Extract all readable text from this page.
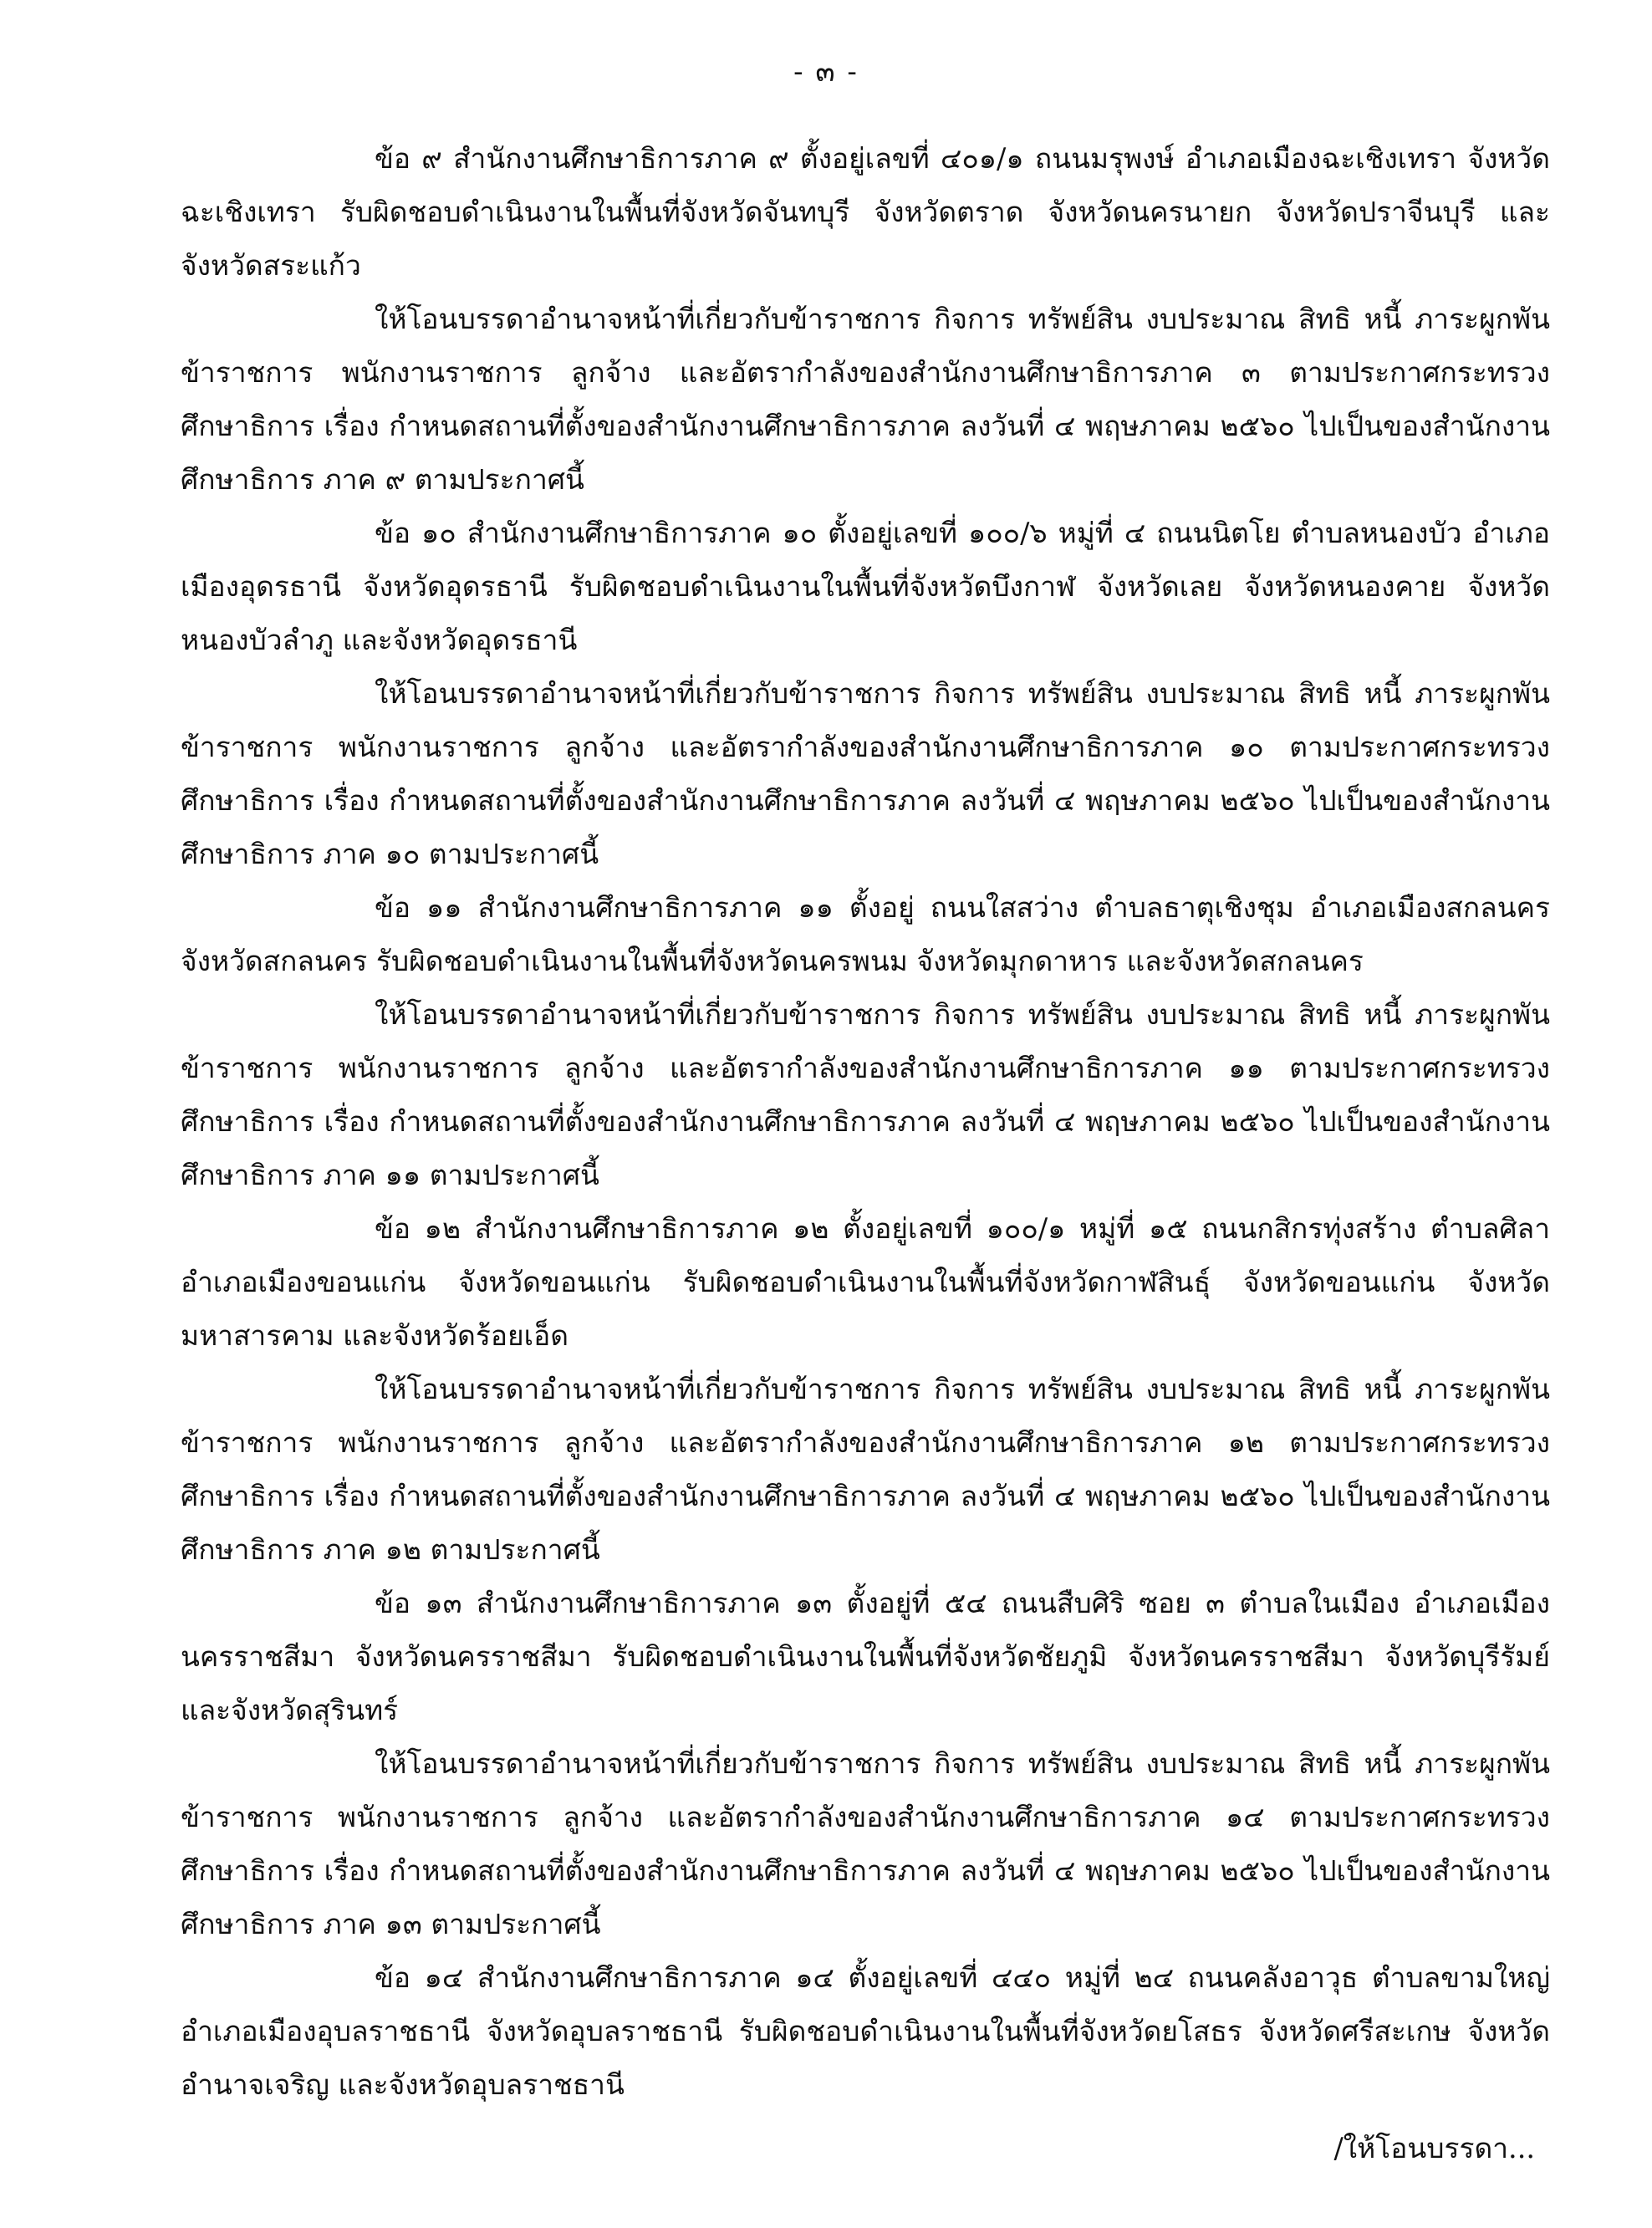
- ๓ -
ข้อ ๙ สำนักงานศึกษาธิการภาค ๙ ตั้งอยู่เลขที่ ๔๐๑/๑ ถนนมรุพงษ์ อำเภอเมืองฉะเชิงเทรา จังหวัดฉะเชิงเทรา รับผิดชอบดำเนินงานในพื้นที่จังหวัดจันทบุรี จังหวัดตราด จังหวัดนครนายก จังหวัดปราจีนบุรี และจังหวัดสระแก้ว
ให้โอนบรรดาอำนาจหน้าที่เกี่ยวกับข้าราชการ กิจการ ทรัพย์สิน งบประมาณ สิทธิ หนี้ ภาระผูกพัน ข้าราชการ พนักงานราชการ ลูกจ้าง และอัตรากำลังของสำนักงานศึกษาธิการภาค ๓ ตามประกาศกระทรวงศึกษาธิการ เรื่อง กำหนดสถานที่ตั้งของสำนักงานศึกษาธิการภาค ลงวันที่ ๔ พฤษภาคม ๒๕๖๐ ไปเป็นของสำนักงานศึกษาธิการ ภาค ๙ ตามประกาศนี้
ข้อ ๑๐ สำนักงานศึกษาธิการภาค ๑๐ ตั้งอยู่เลขที่ ๑๐๐/๖ หมู่ที่ ๔ ถนนนิตโย ตำบลหนองบัว อำเภอเมืองอุดรธานี จังหวัดอุดรธานี รับผิดชอบดำเนินงานในพื้นที่จังหวัดบึงกาฬ จังหวัดเลย จังหวัดหนองคาย จังหวัดหนองบัวลำภู และจังหวัดอุดรธานี
ให้โอนบรรดาอำนาจหน้าที่เกี่ยวกับข้าราชการ กิจการ ทรัพย์สิน งบประมาณ สิทธิ หนี้ ภาระผูกพัน ข้าราชการ พนักงานราชการ ลูกจ้าง และอัตรากำลังของสำนักงานศึกษาธิการภาค ๑๐ ตามประกาศกระทรวงศึกษาธิการ เรื่อง กำหนดสถานที่ตั้งของสำนักงานศึกษาธิการภาค ลงวันที่ ๔ พฤษภาคม ๒๕๖๐ ไปเป็นของสำนักงานศึกษาธิการ ภาค ๑๐ ตามประกาศนี้
ข้อ ๑๑ สำนักงานศึกษาธิการภาค ๑๑ ตั้งอยู่ ถนนใสสว่าง ตำบลธาตุเชิงชุม อำเภอเมืองสกลนคร จังหวัดสกลนคร รับผิดชอบดำเนินงานในพื้นที่จังหวัดนครพนม จังหวัดมุกดาหาร และจังหวัดสกลนคร
ให้โอนบรรดาอำนาจหน้าที่เกี่ยวกับข้าราชการ กิจการ ทรัพย์สิน งบประมาณ สิทธิ หนี้ ภาระผูกพัน ข้าราชการ พนักงานราชการ ลูกจ้าง และอัตรากำลังของสำนักงานศึกษาธิการภาค ๑๑ ตามประกาศกระทรวงศึกษาธิการ เรื่อง กำหนดสถานที่ตั้งของสำนักงานศึกษาธิการภาค ลงวันที่ ๔ พฤษภาคม ๒๕๖๐ ไปเป็นของสำนักงานศึกษาธิการ ภาค ๑๑ ตามประกาศนี้
ข้อ ๑๒ สำนักงานศึกษาธิการภาค ๑๒ ตั้งอยู่เลขที่ ๑๐๐/๑ หมู่ที่ ๑๕ ถนนกสิกรทุ่งสร้าง ตำบลศิลา อำเภอเมืองขอนแก่น จังหวัดขอนแก่น รับผิดชอบดำเนินงานในพื้นที่จังหวัดกาฬสินธุ์ จังหวัดขอนแก่น จังหวัดมหาสารคาม และจังหวัดร้อยเอ็ด
ให้โอนบรรดาอำนาจหน้าที่เกี่ยวกับข้าราชการ กิจการ ทรัพย์สิน งบประมาณ สิทธิ หนี้ ภาระผูกพัน ข้าราชการ พนักงานราชการ ลูกจ้าง และอัตรากำลังของสำนักงานศึกษาธิการภาค ๑๒ ตามประกาศกระทรวงศึกษาธิการ เรื่อง กำหนดสถานที่ตั้งของสำนักงานศึกษาธิการภาค ลงวันที่ ๔ พฤษภาคม ๒๕๖๐ ไปเป็นของสำนักงานศึกษาธิการ ภาค ๑๒ ตามประกาศนี้
ข้อ ๑๓ สำนักงานศึกษาธิการภาค ๑๓ ตั้งอยู่ที่ ๕๔ ถนนสืบศิริ ซอย ๓ ตำบลในเมือง อำเภอเมืองนครราชสีมา จังหวัดนครราชสีมา รับผิดชอบดำเนินงานในพื้นที่จังหวัดชัยภูมิ จังหวัดนครราชสีมา จังหวัดบุรีรัมย์ และจังหวัดสุรินทร์
ให้โอนบรรดาอำนาจหน้าที่เกี่ยวกับข้าราชการ กิจการ ทรัพย์สิน งบประมาณ สิทธิ หนี้ ภาระผูกพัน ข้าราชการ พนักงานราชการ ลูกจ้าง และอัตรากำลังของสำนักงานศึกษาธิการภาค ๑๔ ตามประกาศกระทรวงศึกษาธิการ เรื่อง กำหนดสถานที่ตั้งของสำนักงานศึกษาธิการภาค ลงวันที่ ๔ พฤษภาคม ๒๕๖๐ ไปเป็นของสำนักงานศึกษาธิการ ภาค ๑๓ ตามประกาศนี้
ข้อ ๑๔ สำนักงานศึกษาธิการภาค ๑๔ ตั้งอยู่เลขที่ ๔๔๐ หมู่ที่ ๒๔ ถนนคลังอาวุธ ตำบลขามใหญ่ อำเภอเมืองอุบลราชธานี จังหวัดอุบลราชธานี รับผิดชอบดำเนินงานในพื้นที่จังหวัดยโสธร จังหวัดศรีสะเกษ จังหวัดอำนาจเจริญ และจังหวัดอุบลราชธานี
/ให้โอนบรรดา...
